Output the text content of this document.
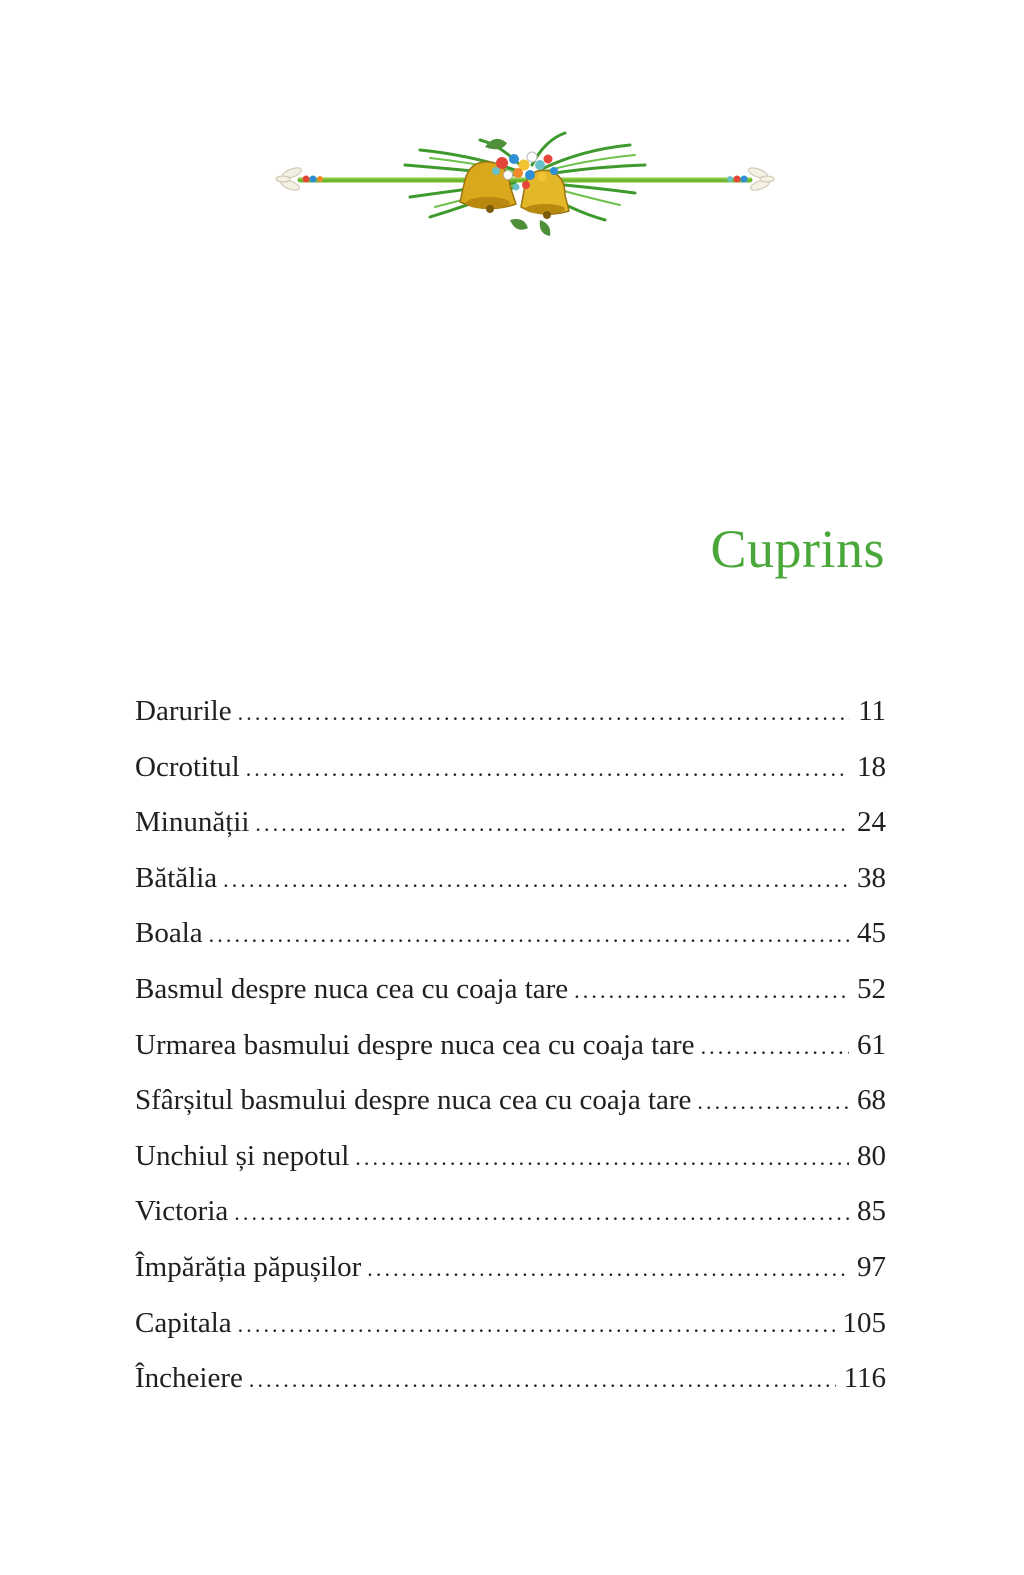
Cuprins
Darurile . . .	11
Ocrotitul . . .	18
Minunății . . .	24
Bătălia . . .	38
Boala . . .	45
Basmul despre nuca cea cu coaja tare . . .	52
Urmarea basmului despre nuca cea cu coaja tare . . .	61
Sfârșitul basmului despre nuca cea cu coaja tare . . .	68
Unchiul și nepotul . . .	80
Victoria . . .	85
Împărăția păpușilor . . .	97
Capitala . . .	105
Încheiere . . .	116
